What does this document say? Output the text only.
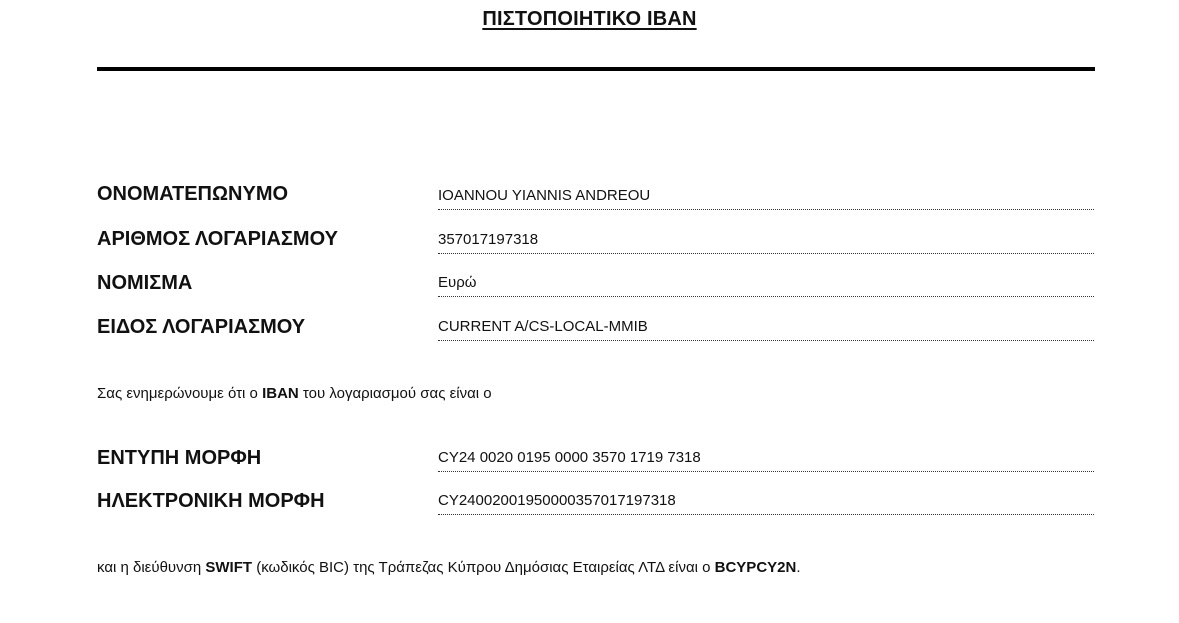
ΠΙΣΤΟΠΟΙΗΤΙΚΟ IBAN
ΟΝΟΜΑΤΕΠΩΝΥΜΟ	IOANNOU YIANNIS ANDREOU
ΑΡΙΘΜΟΣ ΛΟΓΑΡΙΑΣΜΟΥ	357017197318
ΝΟΜΙΣΜΑ	Ευρώ
ΕΙΔΟΣ ΛΟΓΑΡΙΑΣΜΟΥ	CURRENT A/CS-LOCAL-MMIB
Σας ενημερώνουμε ότι ο IBAN του λογαριασμού σας είναι ο
ΕΝΤΥΠΗ ΜΟΡΦΗ	CY24 0020 0195 0000 3570 1719 7318
ΗΛΕΚΤΡΟΝΙΚΗ ΜΟΡΦΗ	CY24002001950000357017197318
και η διεύθυνση SWIFT (κωδικός BIC) της Τράπεζας Κύπρου Δημόσιας Εταιρείας ΛΤΔ είναι ο BCYPCY2N.
